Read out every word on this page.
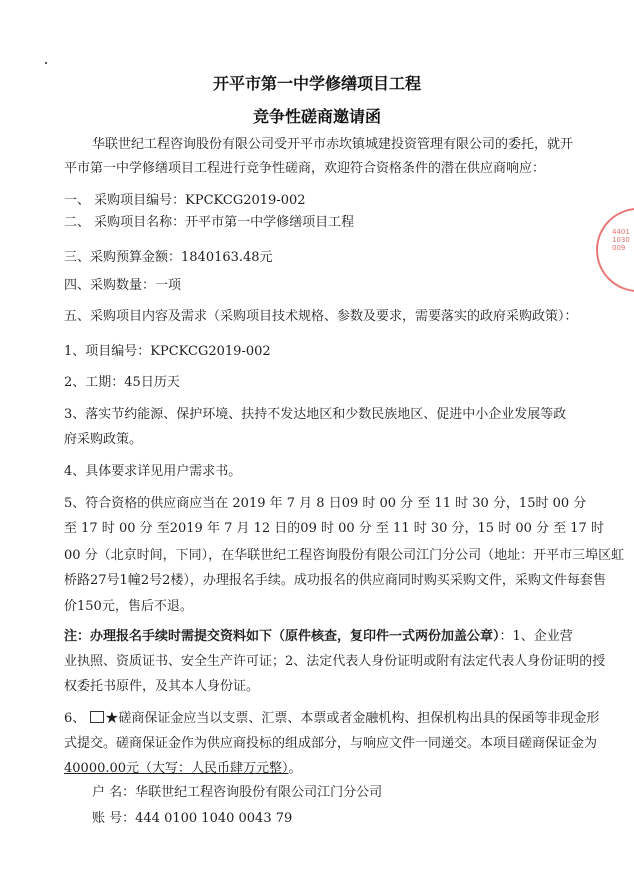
开平市第一中学修缮项目工程
竞争性磋商邀请函
华联世纪工程咨询股份有限公司受开平市赤坎镇城建投资管理有限公司的委托，就开
平市第一中学修缮项目工程进行竞争性磋商，欢迎符合资格条件的潜在供应商响应：
一、 采购项目编号：KPCKCG2019-002
二、 采购项目名称：开平市第一中学修缮项目工程
三、采购预算金额：1840163.48元
四、采购数量：一项
五、采购项目内容及需求（采购项目技术规格、参数及要求，需要落实的政府采购政策）：
1、项目编号：KPCKCG2019-002
2、工期：45日历天
3、落实节约能源、保护环境、扶持不发达地区和少数民族地区、促进中小企业发展等政
府采购政策。
4、具体要求详见用户需求书。
5、符合资格的供应商应当在 2019 年 7 月 8 日09 时 00 分 至 11 时 30 分，15时 00 分
至 17 时 00 分 至2019 年 7 月 12 日的09 时 00 分 至 11 时 30 分，15 时 00 分 至 17 时
00 分（北京时间，下同），在华联世纪工程咨询股份有限公司江门分公司（地址：开平市三埠区虹
桥路27号1幢2号2楼），办理报名手续。成功报名的供应商同时购买采购文件，采购文件每套售
价150元，售后不退。
注：办理报名手续时需提交资料如下（原件核查，复印件一式两份加盖公章）：1、企业营
业执照、资质证书、安全生产许可证；2、法定代表人身份证明或附有法定代表人身份证明的授
权委托书原件，及其本人身份证。
6、 ★磋商保证金应当以支票、汇票、本票或者金融机构、担保机构出具的保函等非现金形
式提交。磋商保证金作为供应商投标的组成部分，与响应文件一同递交。本项目磋商保证金为
40000.00元（大写：人民币肆万元整）。
户 名：华联世纪工程咨询股份有限公司江门分公司
账 号：444 0100 1040 0043 79
44011030009
